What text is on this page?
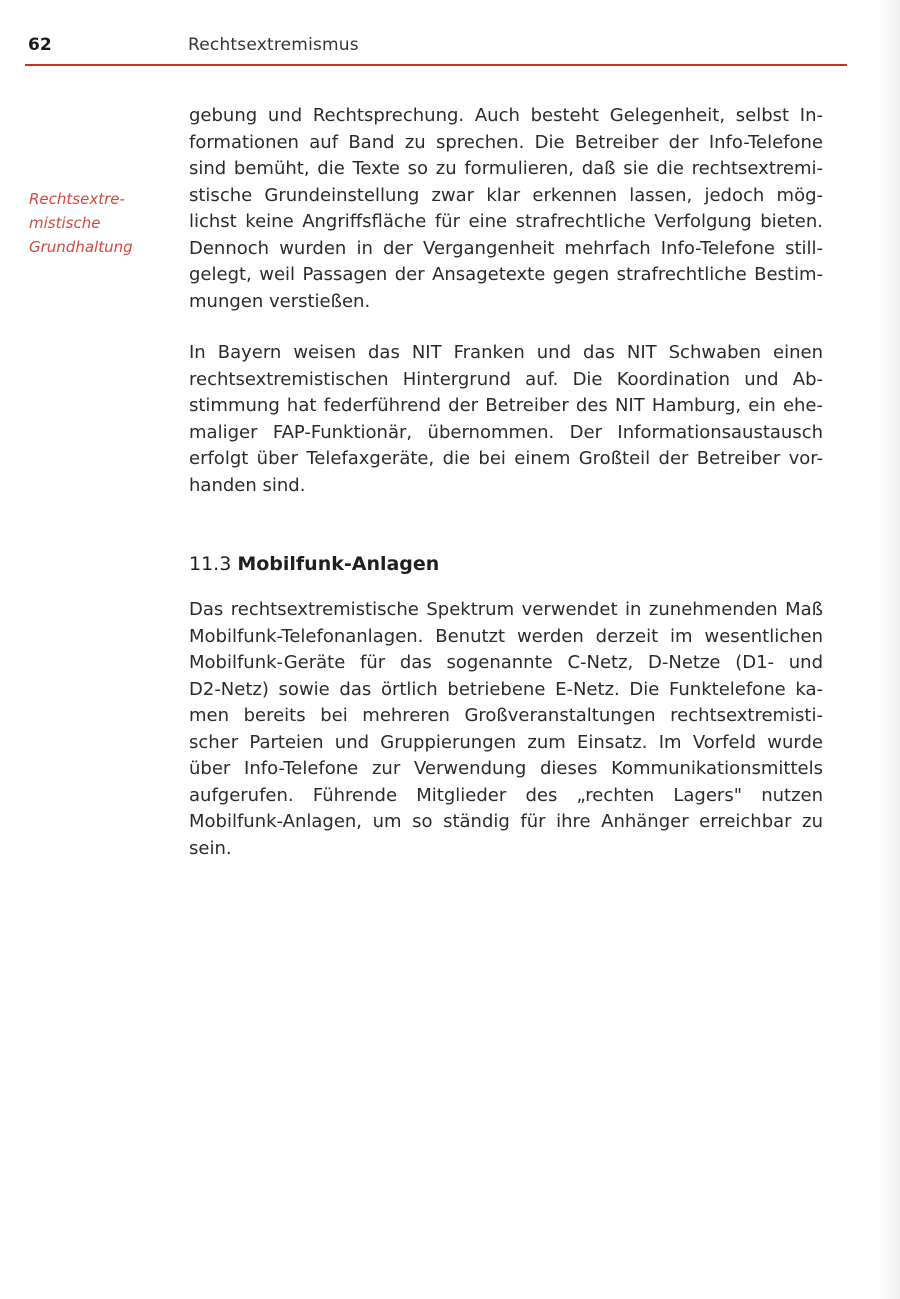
62	Rechtsextremismus
Rechtsextre-
mistische
Grundhaltung

gebung und Rechtsprechung. Auch besteht Gelegenheit, selbst In-
formationen auf Band zu sprechen. Die Betreiber der Info-Telefone
sind bemüht, die Texte so zu formulieren, daß sie die rechtsextremi-
stische Grundeinstellung zwar klar erkennen lassen, jedoch mög-
lichst keine Angriffsfläche für eine strafrechtliche Verfolgung bieten.
Dennoch wurden in der Vergangenheit mehrfach Info-Telefone still-
gelegt, weil Passagen der Ansagetexte gegen strafrechtliche Bestim-
mungen verstießen.

In Bayern weisen das NIT Franken und das NIT Schwaben einen
rechtsextremistischen Hintergrund auf. Die Koordination und Ab-
stimmung hat federführend der Betreiber des NIT Hamburg, ein ehe-
maliger FAP-Funktionär, übernommen. Der Informationsaustausch
erfolgt über Telefaxgeräte, die bei einem Großteil der Betreiber vor-
handen sind.

11.3 Mobilfunk-Anlagen

Das rechtsextremistische Spektrum verwendet in zunehmenden Maß
Mobilfunk-Telefonanlagen. Benutzt werden derzeit im wesentlichen
Mobilfunk-Geräte für das sogenannte C-Netz, D-Netze (D1- und
D2-Netz) sowie das örtlich betriebene E-Netz. Die Funktelefone ka-
men bereits bei mehreren Großveranstaltungen rechtsextremisti-
scher Parteien und Gruppierungen zum Einsatz. Im Vorfeld wurde
über Info-Telefone zur Verwendung dieses Kommunikationsmittels
aufgerufen. Führende Mitglieder des „rechten Lagers" nutzen
Mobilfunk-Anlagen, um so ständig für ihre Anhänger erreichbar zu
sein.
